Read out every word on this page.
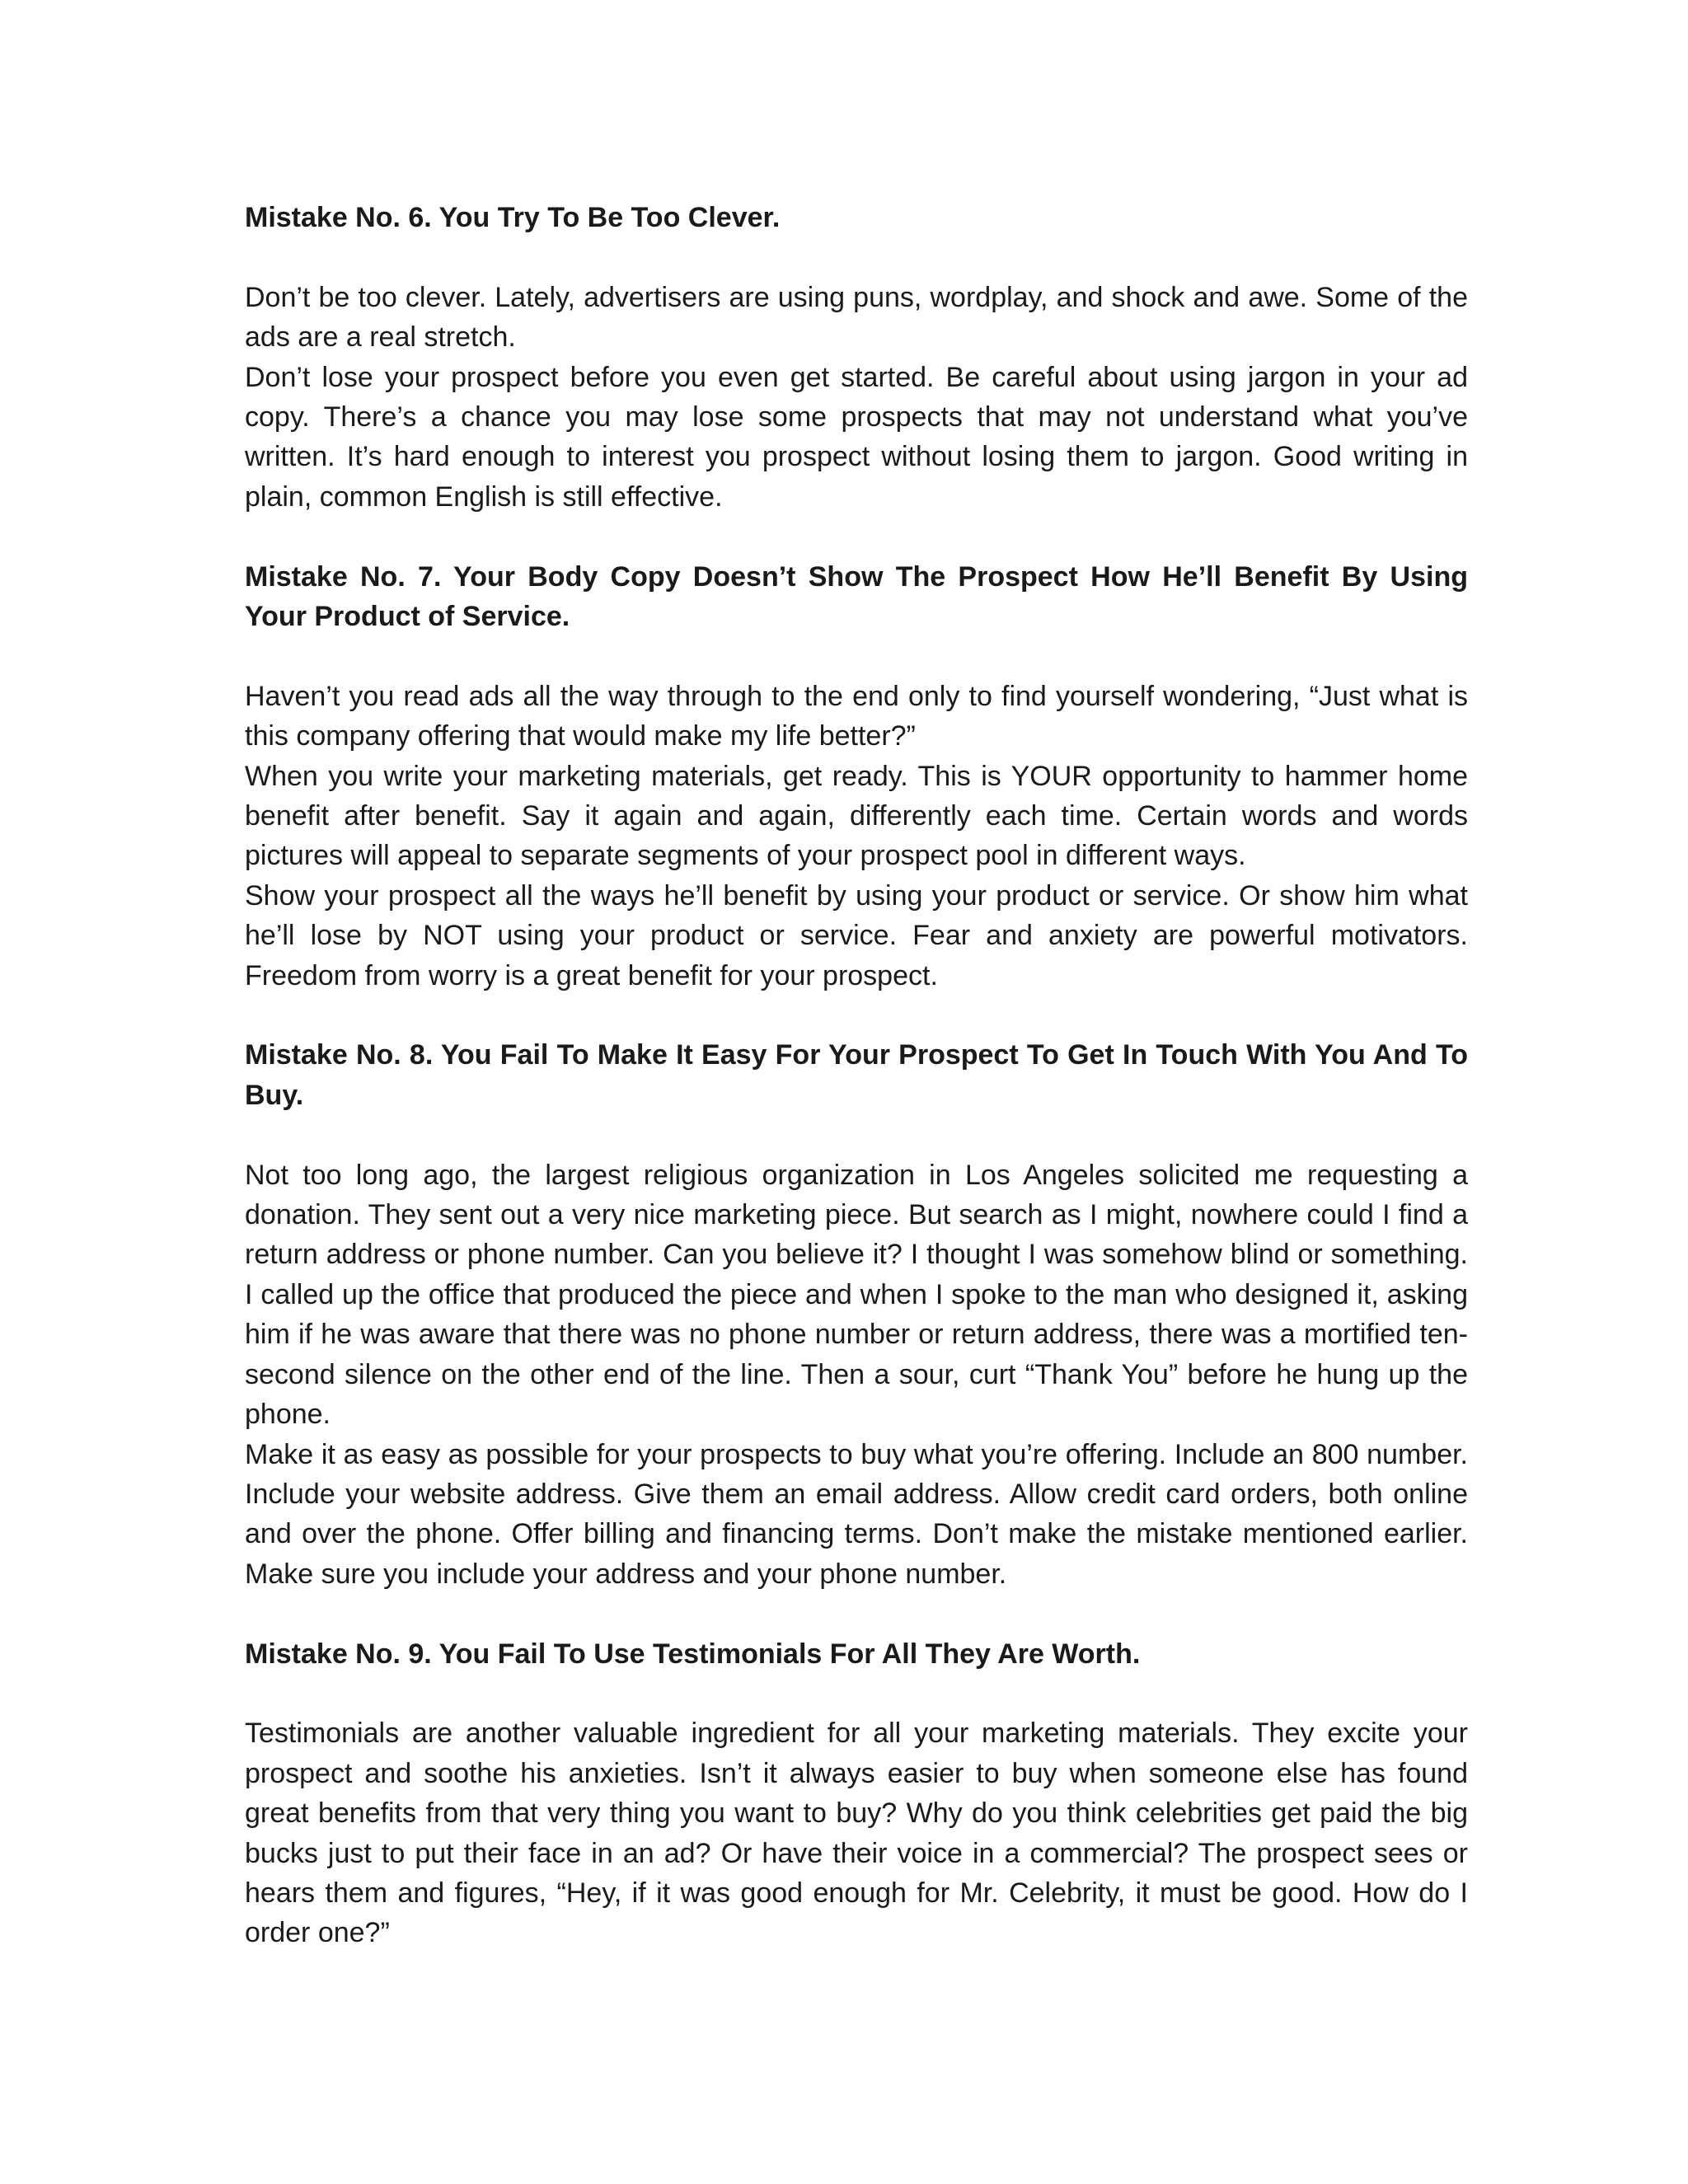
Mistake No. 6. You Try To Be Too Clever.

Don’t be too clever. Lately, advertisers are using puns, wordplay, and shock and awe. Some of the ads are a real stretch.

Don’t lose your prospect before you even get started. Be careful about using jargon in your ad copy. There’s a chance you may lose some prospects that may not understand what you’ve written. It’s hard enough to interest you prospect without losing them to jargon. Good writing in plain, common English is still effective.

Mistake No. 7. Your Body Copy Doesn’t Show The Prospect How He’ll Benefit By Using Your Product of Service.

Haven’t you read ads all the way through to the end only to find yourself wondering, “Just what is this company offering that would make my life better?”

When you write your marketing materials, get ready. This is YOUR opportunity to hammer home benefit after benefit. Say it again and again, differently each time. Certain words and words pictures will appeal to separate segments of your prospect pool in different ways.

Show your prospect all the ways he’ll benefit by using your product or service. Or show him what he’ll lose by NOT using your product or service. Fear and anxiety are powerful motivators. Freedom from worry is a great benefit for your prospect.

Mistake No. 8. You Fail To Make It Easy For Your Prospect To Get In Touch With You And To Buy.

Not too long ago, the largest religious organization in Los Angeles solicited me requesting a donation. They sent out a very nice marketing piece. But search as I might, nowhere could I find a return address or phone number. Can you believe it? I thought I was somehow blind or something. I called up the office that produced the piece and when I spoke to the man who designed it, asking him if he was aware that there was no phone number or return address, there was a mortified ten-second silence on the other end of the line. Then a sour, curt “Thank You” before he hung up the phone.

Make it as easy as possible for your prospects to buy what you’re offering. Include an 800 number. Include your website address. Give them an email address. Allow credit card orders, both online and over the phone. Offer billing and financing terms. Don’t make the mistake mentioned earlier. Make sure you include your address and your phone number.

Mistake No. 9. You Fail To Use Testimonials For All They Are Worth.

Testimonials are another valuable ingredient for all your marketing materials. They excite your prospect and soothe his anxieties. Isn’t it always easier to buy when someone else has found great benefits from that very thing you want to buy? Why do you think celebrities get paid the big bucks just to put their face in an ad? Or have their voice in a commercial? The prospect sees or hears them and figures, “Hey, if it was good enough for Mr. Celebrity, it must be good. How do I order one?”
